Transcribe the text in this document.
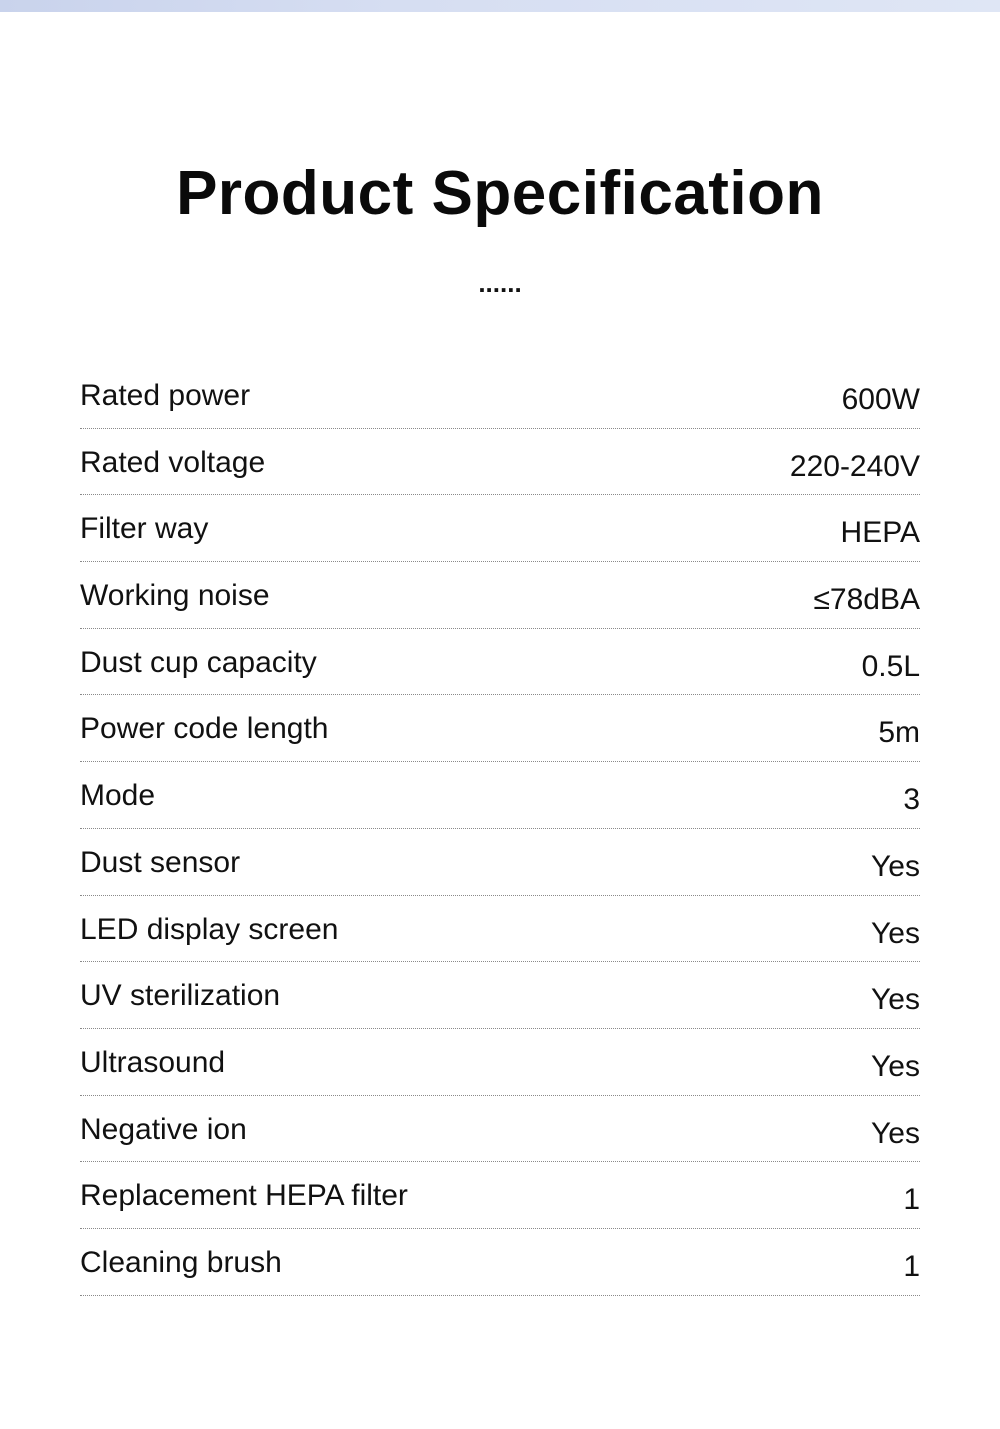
Product Specification
......
Rated power	600W
Rated voltage	220-240V
Filter way	HEPA
Working noise	≤78dBA
Dust cup capacity	0.5L
Power code length	5m
Mode	3
Dust sensor	Yes
LED display screen	Yes
UV sterilization	Yes
Ultrasound	Yes
Negative ion	Yes
Replacement HEPA filter	1
Cleaning brush	1
